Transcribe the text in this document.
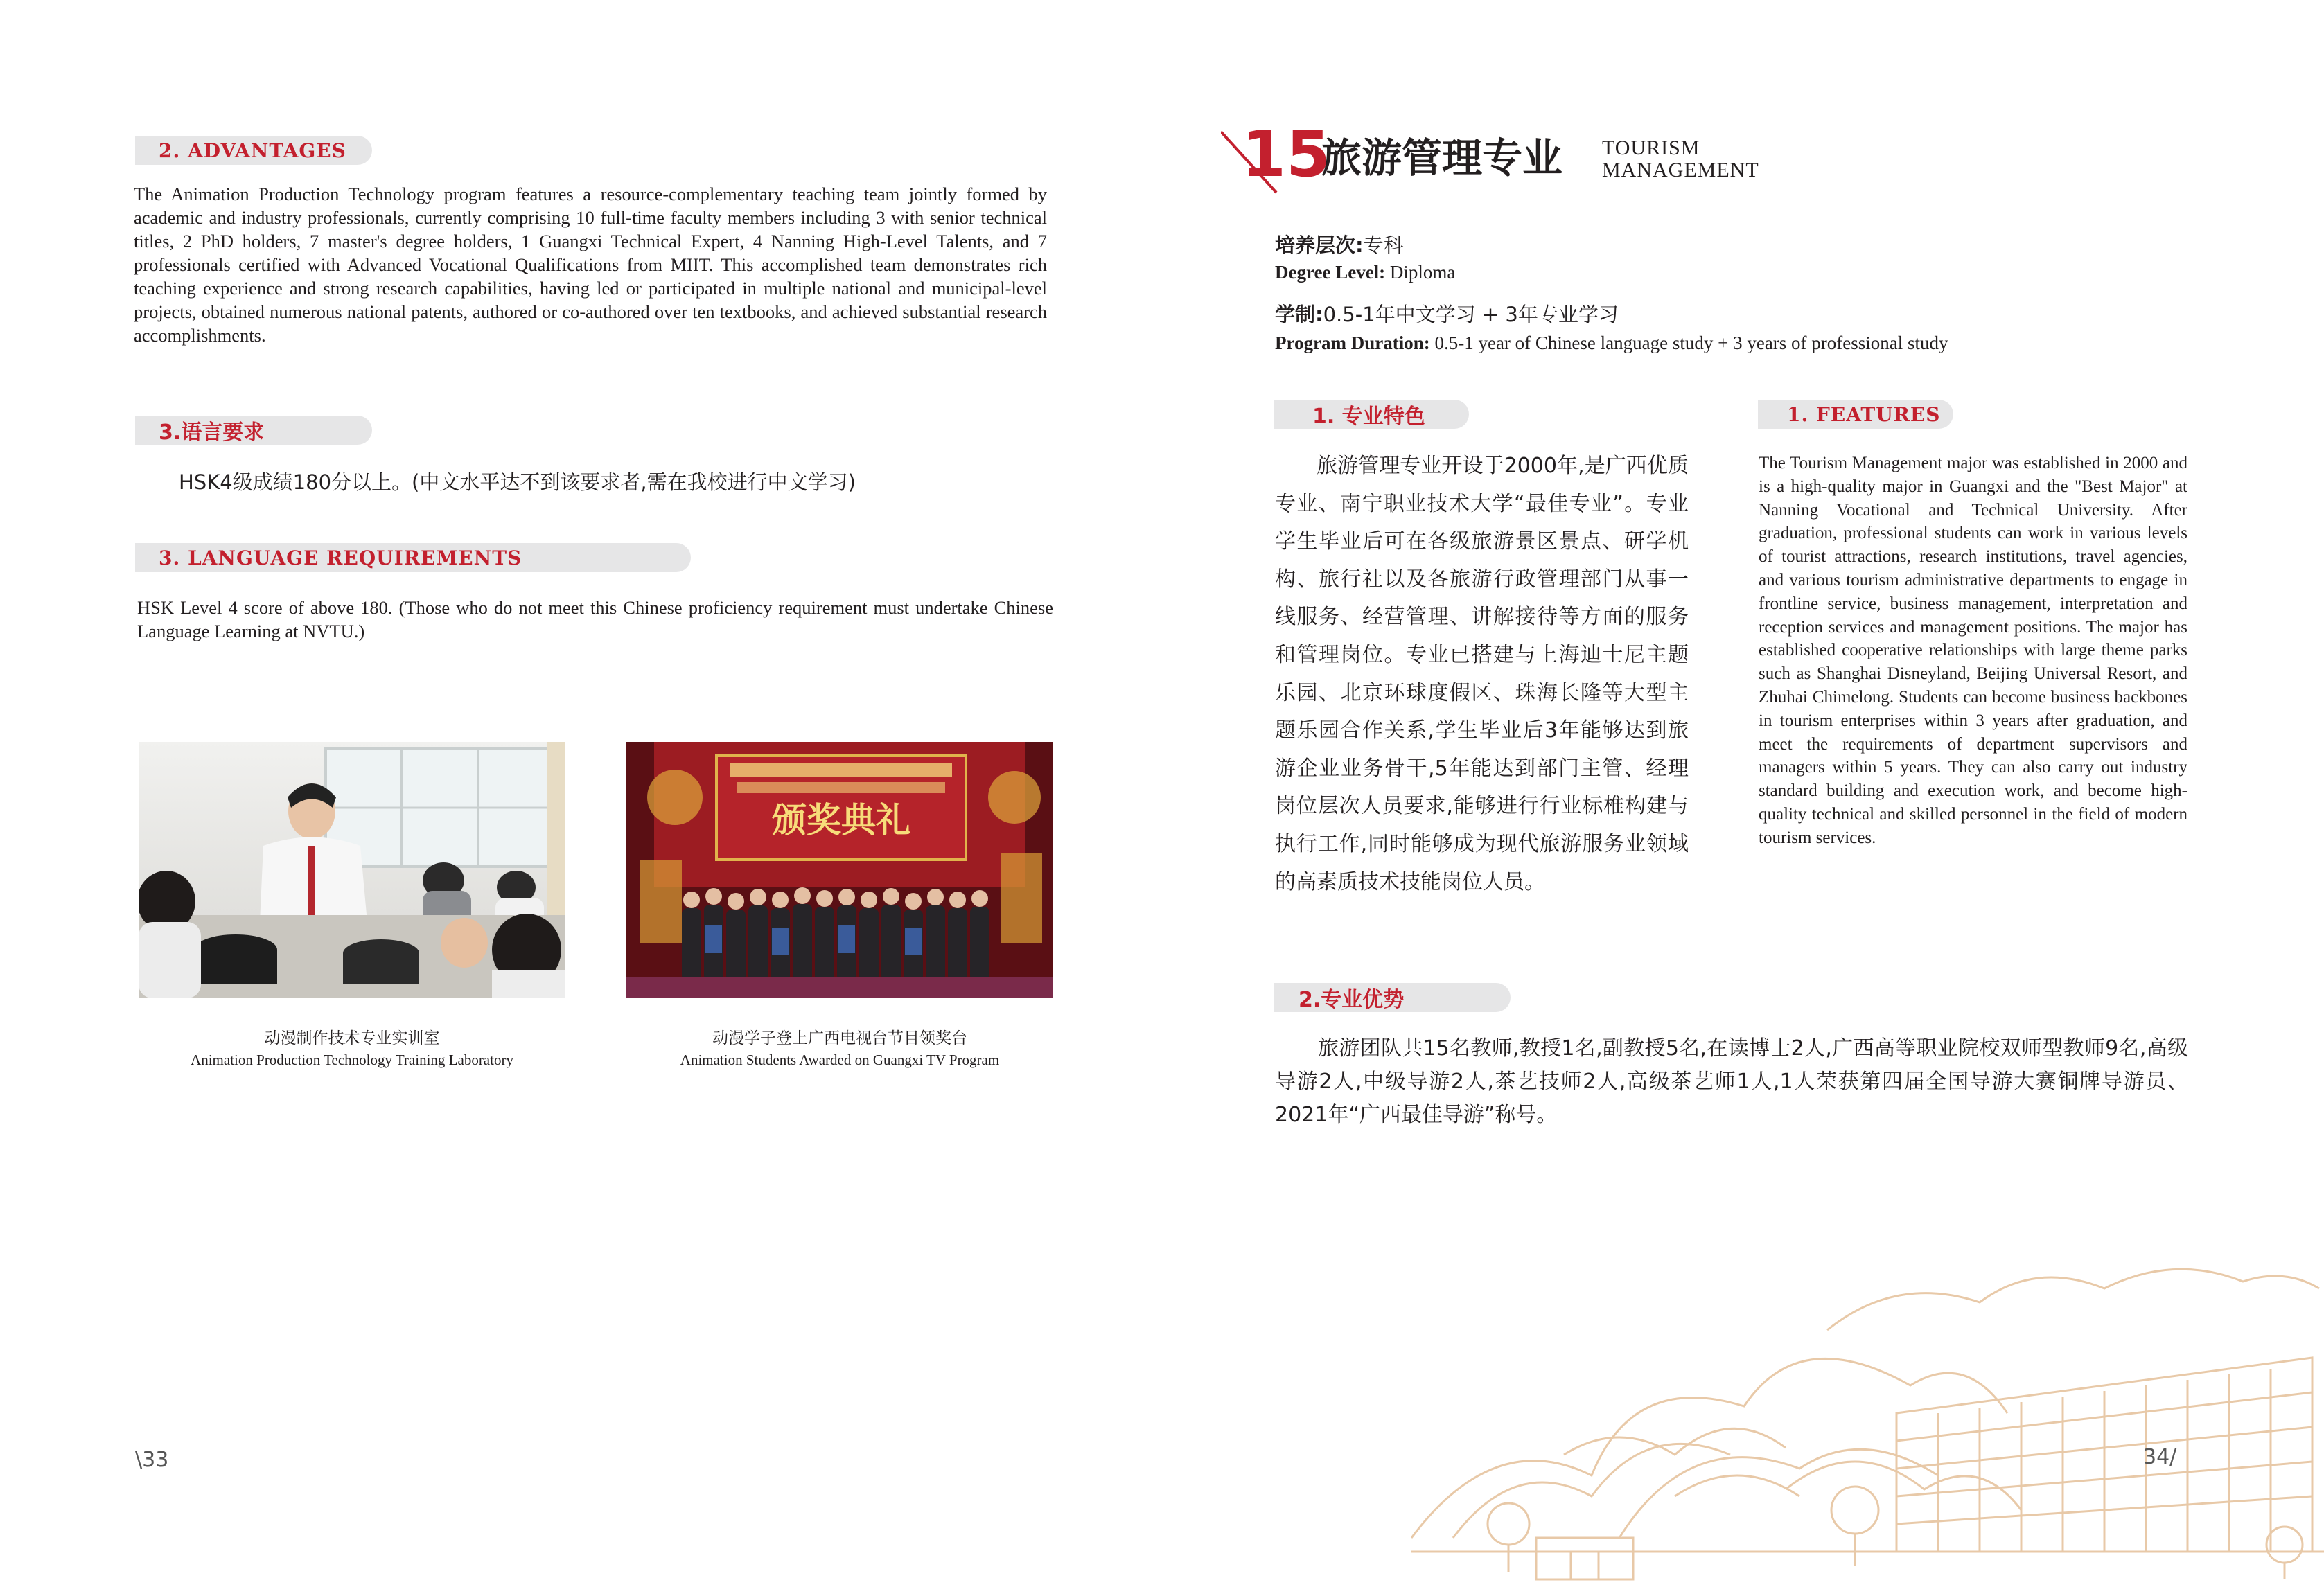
2. ADVANTAGES
The Animation Production Technology program features a resource-complementary teaching team jointly formed by academic and industry professionals, currently comprising 10 full-time faculty members including 3 with senior technical titles, 2 PhD holders, 7 master's degree holders, 1 Guangxi Technical Expert, 4 Nanning High-Level Talents, and 7 professionals certified with Advanced Vocational Qualifications from MIIT. This accomplished team demonstrates rich teaching experience and strong research capabilities, having led or participated in multiple national and municipal-level projects, obtained numerous national patents, authored or co-authored over ten textbooks, and achieved substantial research accomplishments.
3.语言要求
HSK4级成绩180分以上。(中文水平达不到该要求者,需在我校进行中文学习)
3. LANGUAGE REQUIREMENTS
HSK Level 4 score of above 180. (Those who do not meet this Chinese proficiency requirement must undertake Chinese Language Learning at NVTU.)
动漫制作技术专业实训室
Animation Production Technology Training Laboratory
颁奖典礼
动漫学子登上广西电视台节目领奖台
Animation Students Awarded on Guangxi TV Program
\33
15
旅游管理专业 TOURISM
MANAGEMENT
培养层次:专科
Degree Level: Diploma
学制:0.5-1年中文学习 + 3年专业学习
Program Duration: 0.5-1 year of Chinese language study + 3 years of professional study
1. 专业特色
旅游管理专业开设于2000年,是广西优质专业、南宁职业技术大学“最佳专业”。专业学生毕业后可在各级旅游景区景点、研学机构、旅行社以及各旅游行政管理部门从事一线服务、经营管理、讲解接待等方面的服务和管理岗位。专业已搭建与上海迪士尼主题乐园、北京环球度假区、珠海长隆等大型主题乐园合作关系,学生毕业后3年能够达到旅游企业业务骨干,5年能达到部门主管、经理岗位层次人员要求,能够进行行业标椎构建与执行工作,同时能够成为现代旅游服务业领域的高素质技术技能岗位人员。
1. FEATURES
The Tourism Management major was established in 2000 and is a high-quality major in Guangxi and the "Best Major" at Nanning Vocational and Technical University. After graduation, professional students can work in various levels of tourist attractions, research institutions, travel agencies, and various tourism administrative departments to engage in frontline service, business management, interpretation and reception services and management positions. The major has established cooperative relationships with large theme parks such as Shanghai Disneyland, Beijing Universal Resort, and Zhuhai Chimelong. Students can become business backbones in tourism enterprises within 3 years after graduation, and meet the requirements of department supervisors and managers within 5 years. They can also carry out industry standard building and execution work, and become high-quality technical and skilled personnel in the field of modern tourism services.
2.专业优势
旅游团队共15名教师,教授1名,副教授5名,在读博士2人,广西高等职业院校双师型教师9名,高级导游2人,中级导游2人,茶艺技师2人,高级茶艺师1人,1人荣获第四届全国导游大赛铜牌导游员、2021年“广西最佳导游”称号。
34/
